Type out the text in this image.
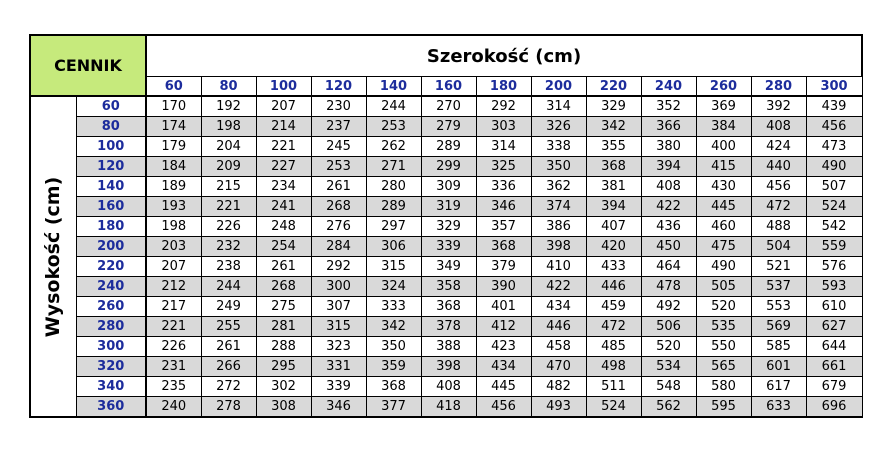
CENNIK		Szerokość (cm)												
		60	80	100	120	140	160	180	200	220	240	260	280	300

Wysokość (cm)	60	170	192	207	230	244	270	292	314	329	352	369	392	439
	80	174	198	214	237	253	279	303	326	342	366	384	408	456
	100	179	204	221	245	262	289	314	338	355	380	400	424	473
	120	184	209	227	253	271	299	325	350	368	394	415	440	490
	140	189	215	234	261	280	309	336	362	381	408	430	456	507
	160	193	221	241	268	289	319	346	374	394	422	445	472	524
	180	198	226	248	276	297	329	357	386	407	436	460	488	542
	200	203	232	254	284	306	339	368	398	420	450	475	504	559
	220	207	238	261	292	315	349	379	410	433	464	490	521	576
	240	212	244	268	300	324	358	390	422	446	478	505	537	593
	260	217	249	275	307	333	368	401	434	459	492	520	553	610
	280	221	255	281	315	342	378	412	446	472	506	535	569	627
	300	226	261	288	323	350	388	423	458	485	520	550	585	644
	320	231	266	295	331	359	398	434	470	498	534	565	601	661
	340	235	272	302	339	368	408	445	482	511	548	580	617	679
	360	240	278	308	346	377	418	456	493	524	562	595	633	696
